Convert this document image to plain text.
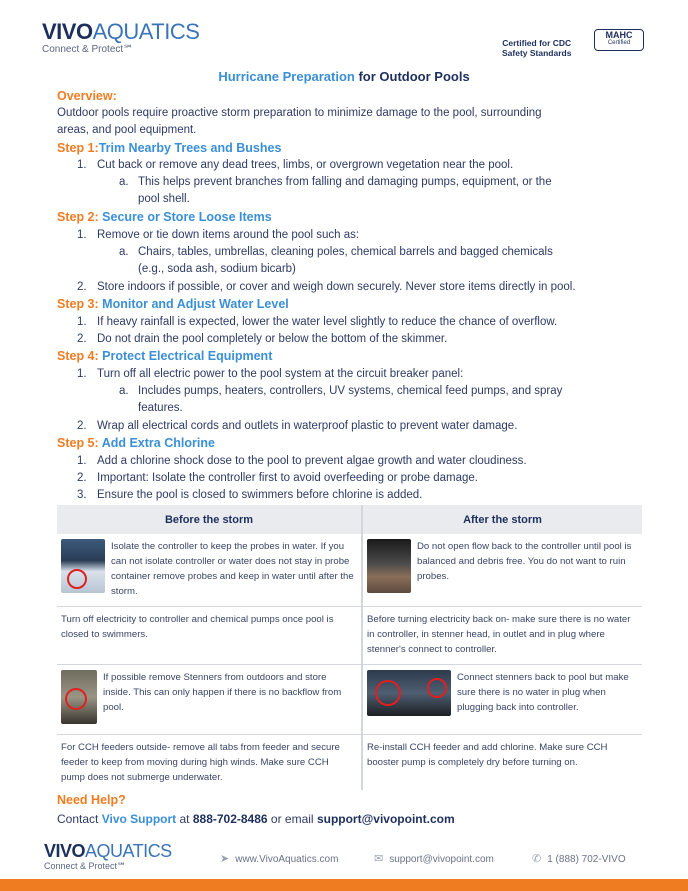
VIVOAQUATICS
Connect & Protect℠
Certified for CDC
Safety Standards
MAHC
Certified
Hurricane Preparation for Outdoor Pools
Overview:
Outdoor pools require proactive storm preparation to minimize damage to the pool, surrounding
areas, and pool equipment.
Step 1:Trim Nearby Trees and Bushes
1. Cut back or remove any dead trees, limbs, or overgrown vegetation near the pool.
a. This helps prevent branches from falling and damaging pumps, equipment, or the
pool shell.
Step 2: Secure or Store Loose Items
1. Remove or tie down items around the pool such as:
a. Chairs, tables, umbrellas, cleaning poles, chemical barrels and bagged chemicals
(e.g., soda ash, sodium bicarb)
2. Store indoors if possible, or cover and weigh down securely. Never store items directly in pool.
Step 3: Monitor and Adjust Water Level
1. If heavy rainfall is expected, lower the water level slightly to reduce the chance of overflow.
2. Do not drain the pool completely or below the bottom of the skimmer.
Step 4: Protect Electrical Equipment
1. Turn off all electric power to the pool system at the circuit breaker panel:
a. Includes pumps, heaters, controllers, UV systems, chemical feed pumps, and spray
features.
2. Wrap all electrical cords and outlets in waterproof plastic to prevent water damage.
Step 5: Add Extra Chlorine
1. Add a chlorine shock dose to the pool to prevent algae growth and water cloudiness.
2. Important: Isolate the controller first to avoid overfeeding or probe damage.
3. Ensure the pool is closed to swimmers before chlorine is added.
Before the storm	After the storm

Isolate the controller to keep the probes in water. If you can not isolate controller or water does not stay in probe container remove probes and keep in water until after the storm.	Do not open flow back to the controller until pool is balanced and debris free. You do not want to ruin probes.
Turn off electricity to controller and chemical pumps once pool is closed to swimmers.	Before turning electricity back on- make sure there is no water in controller, in stenner head, in outlet and in plug where stenner's connect to controller.

If possible remove Stenners from outdoors and store inside. This can only happen if there is no backflow from pool.	Connect stenners back to pool but make sure there is no water in plug when plugging back into controller.
For CCH feeders outside- remove all tabs from feeder and secure feeder to keep from moving during high winds. Make sure CCH pump does not submerge underwater.	Re-install CCH feeder and add chlorine. Make sure CCH booster pump is completely dry before turning on.
Need Help?
Contact Vivo Support at 888-702-8486 or email support@vivopoint.com
VIVOAQUATICS
Connect & Protect℠
➤ www.VivoAquatics.com	✉ support@vivopoint.com	✆ 1 (888) 702-VIVO
